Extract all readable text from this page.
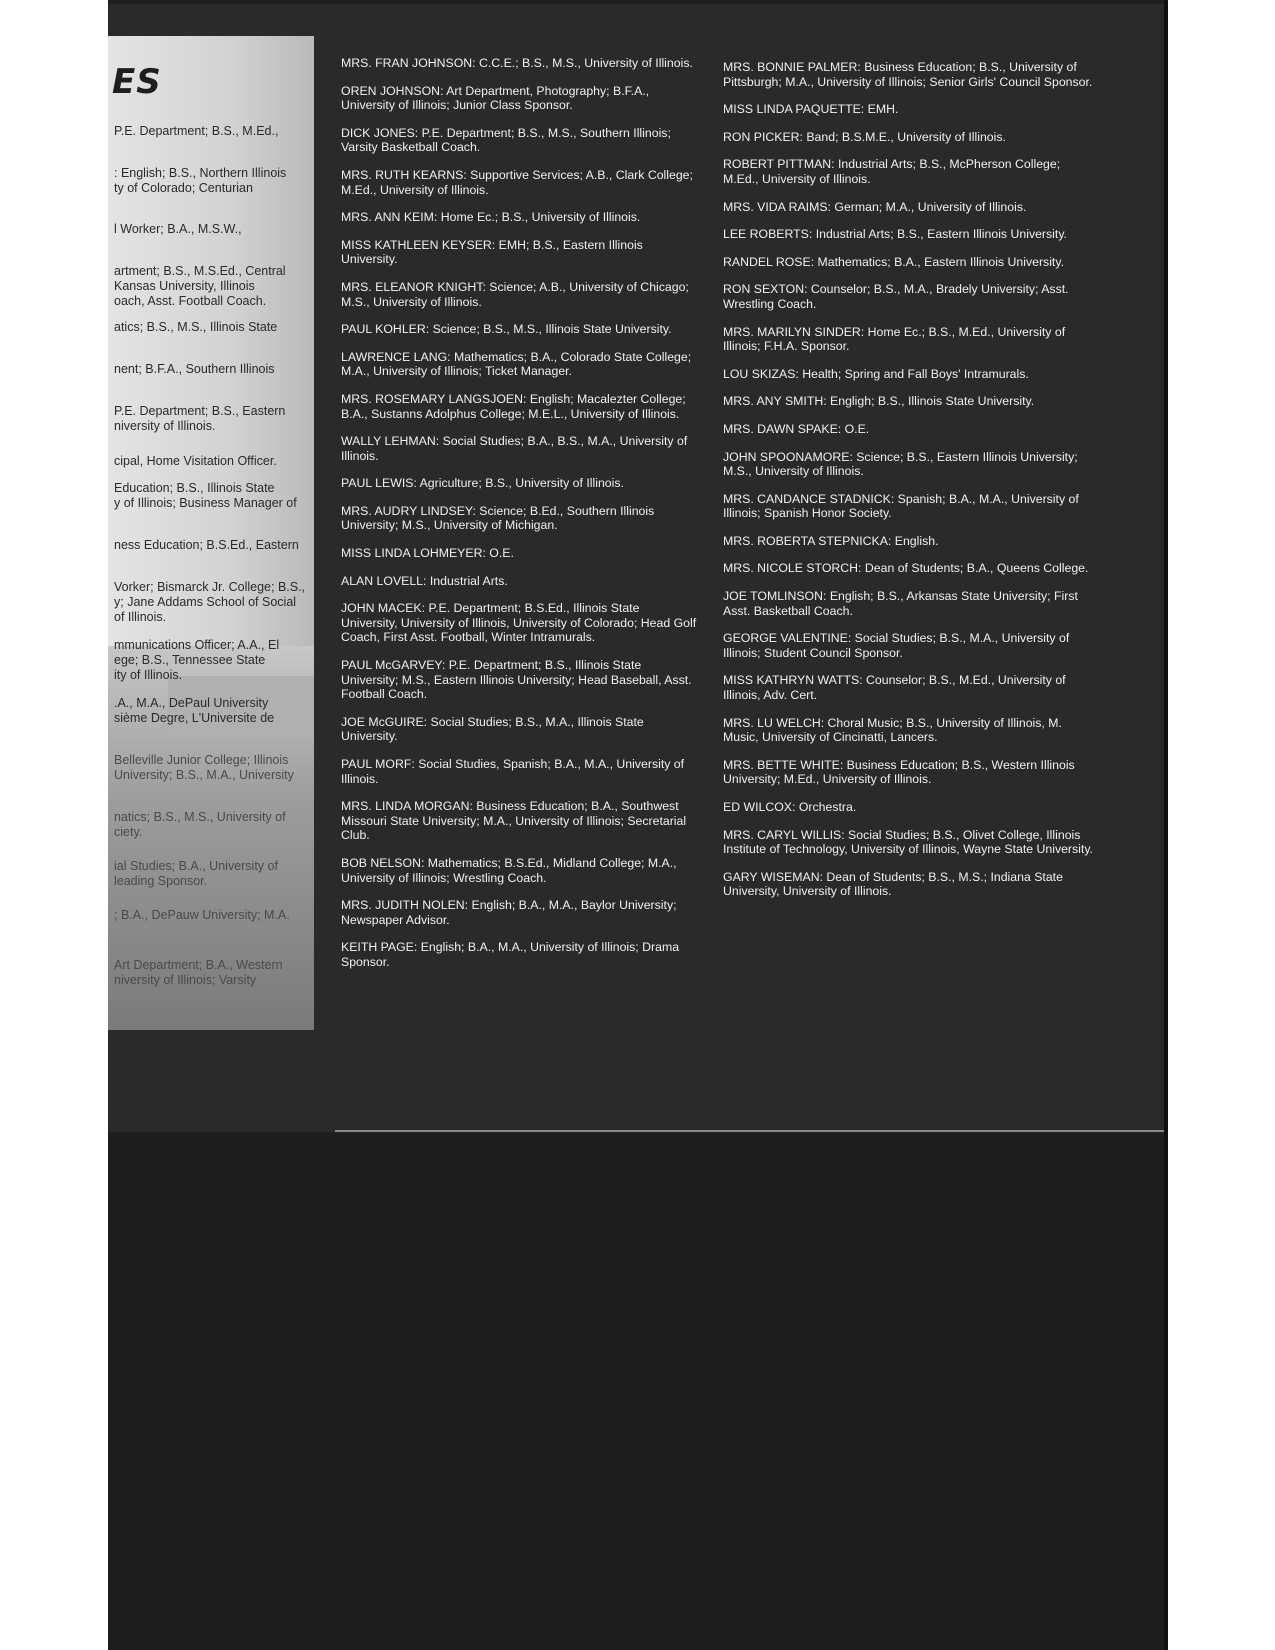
ES
P.E. Department; B.S., M.Ed.,
: English; B.S., Northern Illinois
ty of Colorado; Centurian
l Worker; B.A., M.S.W.,
artment; B.S., M.S.Ed., Central
Kansas University, Illinois
oach, Asst. Football Coach.
atics; B.S., M.S., Illinois State
nent; B.F.A., Southern Illinois
P.E. Department; B.S., Eastern
niversity of Illinois.
cipal, Home Visitation Officer.
Education; B.S., Illinois State
y of Illinois; Business Manager of
ness Education; B.S.Ed., Eastern
Vorker; Bismarck Jr. College; B.S.,
y; Jane Addams School of Social
of Illinois.
mmunications Officer; A.A., El
ege; B.S., Tennessee State
ity of Illinois.
.A., M.A., DePaul University
sième Degre, L'Universite de
Belleville Junior College; Illinois
University; B.S., M.A., University
natics; B.S., M.S., University of
ciety.
ial Studies; B.A., University of
leading Sponsor.
; B.A., DePauw University; M.A.
Art Department; B.A., Western
niversity of Illinois; Varsity
MRS. FRAN JOHNSON: C.C.E.; B.S., M.S., University of Illinois.
OREN JOHNSON: Art Department, Photography; B.F.A., University of Illinois; Junior Class Sponsor.
DICK JONES: P.E. Department; B.S., M.S., Southern Illinois; Varsity Basketball Coach.
MRS. RUTH KEARNS: Supportive Services; A.B., Clark College; M.Ed., University of Illinois.
MRS. ANN KEIM: Home Ec.; B.S., University of Illinois.
MISS KATHLEEN KEYSER: EMH; B.S., Eastern Illinois University.
MRS. ELEANOR KNIGHT: Science; A.B., University of Chicago; M.S., University of Illinois.
PAUL KOHLER: Science; B.S., M.S., Illinois State University.
LAWRENCE LANG: Mathematics; B.A., Colorado State College; M.A., University of Illinois; Ticket Manager.
MRS. ROSEMARY LANGSJOEN: English; Macalezter College; B.A., Sustanns Adolphus College; M.E.L., University of Illinois.
WALLY LEHMAN: Social Studies; B.A., B.S., M.A., University of Illinois.
PAUL LEWIS: Agriculture; B.S., University of Illinois.
MRS. AUDRY LINDSEY: Science; B.Ed., Southern Illinois University; M.S., University of Michigan.
MISS LINDA LOHMEYER: O.E.
ALAN LOVELL: Industrial Arts.
JOHN MACEK: P.E. Department; B.S.Ed., Illinois State University, University of Illinois, University of Colorado; Head Golf Coach, First Asst. Football, Winter Intramurals.
PAUL McGARVEY: P.E. Department; B.S., Illinois State University; M.S., Eastern Illinois University; Head Baseball, Asst. Football Coach.
JOE McGUIRE: Social Studies; B.S., M.A., Illinois State University.
PAUL MORF: Social Studies, Spanish; B.A., M.A., University of Illinois.
MRS. LINDA MORGAN: Business Education; B.A., Southwest Missouri State University; M.A., University of Illinois; Secretarial Club.
BOB NELSON: Mathematics; B.S.Ed., Midland College; M.A., University of Illinois; Wrestling Coach.
MRS. JUDITH NOLEN: English; B.A., M.A., Baylor University; Newspaper Advisor.
KEITH PAGE: English; B.A., M.A., University of Illinois; Drama Sponsor.
MRS. BONNIE PALMER: Business Education; B.S., University of Pittsburgh; M.A., University of Illinois; Senior Girls' Council Sponsor.
MISS LINDA PAQUETTE: EMH.
RON PICKER: Band; B.S.M.E., University of Illinois.
ROBERT PITTMAN: Industrial Arts; B.S., McPherson College; M.Ed., University of Illinois.
MRS. VIDA RAIMS: German; M.A., University of Illinois.
LEE ROBERTS: Industrial Arts; B.S., Eastern Illinois University.
RANDEL ROSE: Mathematics; B.A., Eastern Illinois University.
RON SEXTON: Counselor; B.S., M.A., Bradely University; Asst. Wrestling Coach.
MRS. MARILYN SINDER: Home Ec.; B.S., M.Ed., University of Illinois; F.H.A. Sponsor.
LOU SKIZAS: Health; Spring and Fall Boys' Intramurals.
MRS. ANY SMITH: Engligh; B.S., Illinois State University.
MRS. DAWN SPAKE: O.E.
JOHN SPOONAMORE: Science; B.S., Eastern Illinois University; M.S., University of Illinois.
MRS. CANDANCE STADNICK: Spanish; B.A., M.A., University of Illinois; Spanish Honor Society.
MRS. ROBERTA STEPNICKA: English.
MRS. NICOLE STORCH: Dean of Students; B.A., Queens College.
JOE TOMLINSON: English; B.S., Arkansas State University; First Asst. Basketball Coach.
GEORGE VALENTINE: Social Studies; B.S., M.A., University of Illinois; Student Council Sponsor.
MISS KATHRYN WATTS: Counselor; B.S., M.Ed., University of Illinois, Adv. Cert.
MRS. LU WELCH: Choral Music; B.S., University of Illinois, M. Music, University of Cincinatti, Lancers.
MRS. BETTE WHITE: Business Education; B.S., Western Illinois University; M.Ed., University of Illinois.
ED WILCOX: Orchestra.
MRS. CARYL WILLIS: Social Studies; B.S., Olivet College, Illinois Institute of Technology, University of Illinois, Wayne State University.
GARY WISEMAN: Dean of Students; B.S., M.S.; Indiana State University, University of Illinois.
